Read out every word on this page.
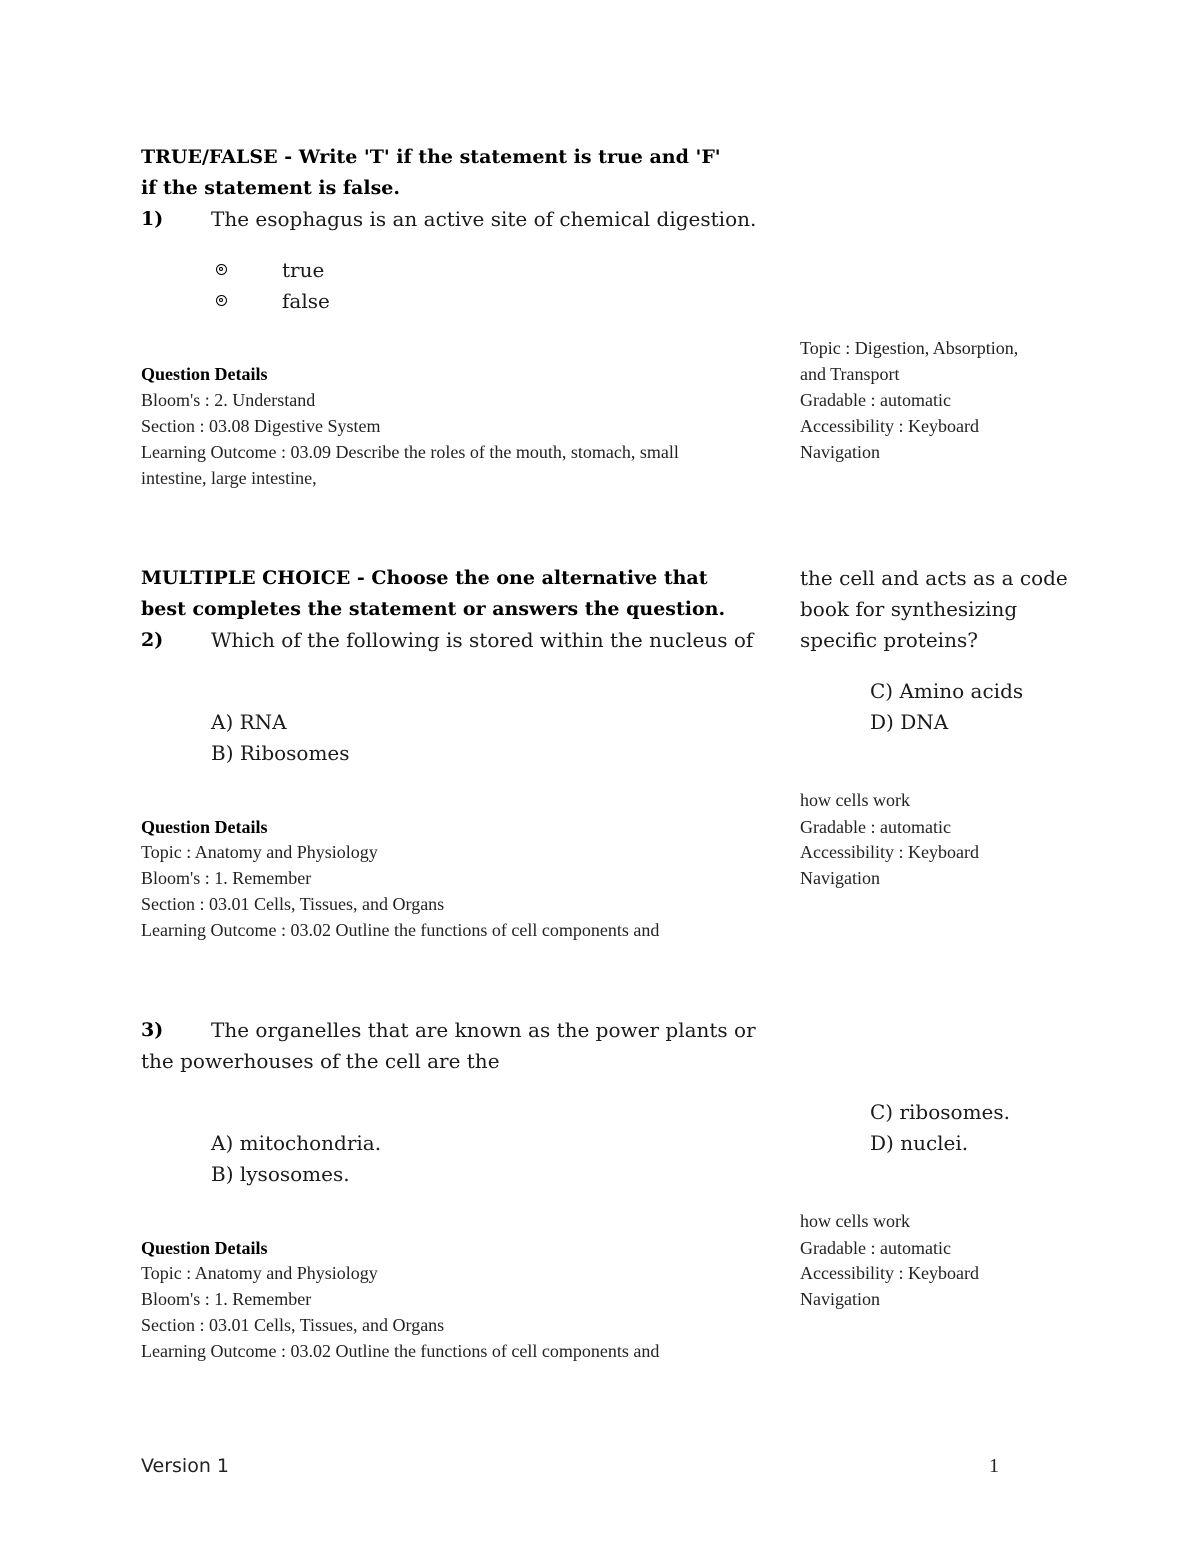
TRUE/FALSE - Write 'T' if the statement is true and 'F'
if the statement is false.
1) The esophagus is an active site of chemical digestion.
true
false
Topic : Digestion, Absorption,
Question Details	and Transport
Bloom's : 2. Understand	Gradable : automatic
Section : 03.08 Digestive System	Accessibility : Keyboard
Learning Outcome : 03.09 Describe the roles of the mouth, stomach, small	Navigation
intestine, large intestine,
MULTIPLE CHOICE - Choose the one alternative that	the cell and acts as a code
best completes the statement or answers the question.	book for synthesizing
2) Which of the following is stored within the nucleus of specific proteins?
C) Amino acids
A) RNA	D) DNA
B) Ribosomes
how cells work
Question Details	Gradable : automatic
Topic : Anatomy and Physiology	Accessibility : Keyboard
Bloom's : 1. Remember	Navigation
Section : 03.01 Cells, Tissues, and Organs
Learning Outcome : 03.02 Outline the functions of cell components and
3) The organelles that are known as the power plants or
the powerhouses of the cell are the
C) ribosomes.
A) mitochondria.	D) nuclei.
B) lysosomes.
how cells work
Question Details	Gradable : automatic
Topic : Anatomy and Physiology	Accessibility : Keyboard
Bloom's : 1. Remember	Navigation
Section : 03.01 Cells, Tissues, and Organs
Learning Outcome : 03.02 Outline the functions of cell components and
Version 1	1
